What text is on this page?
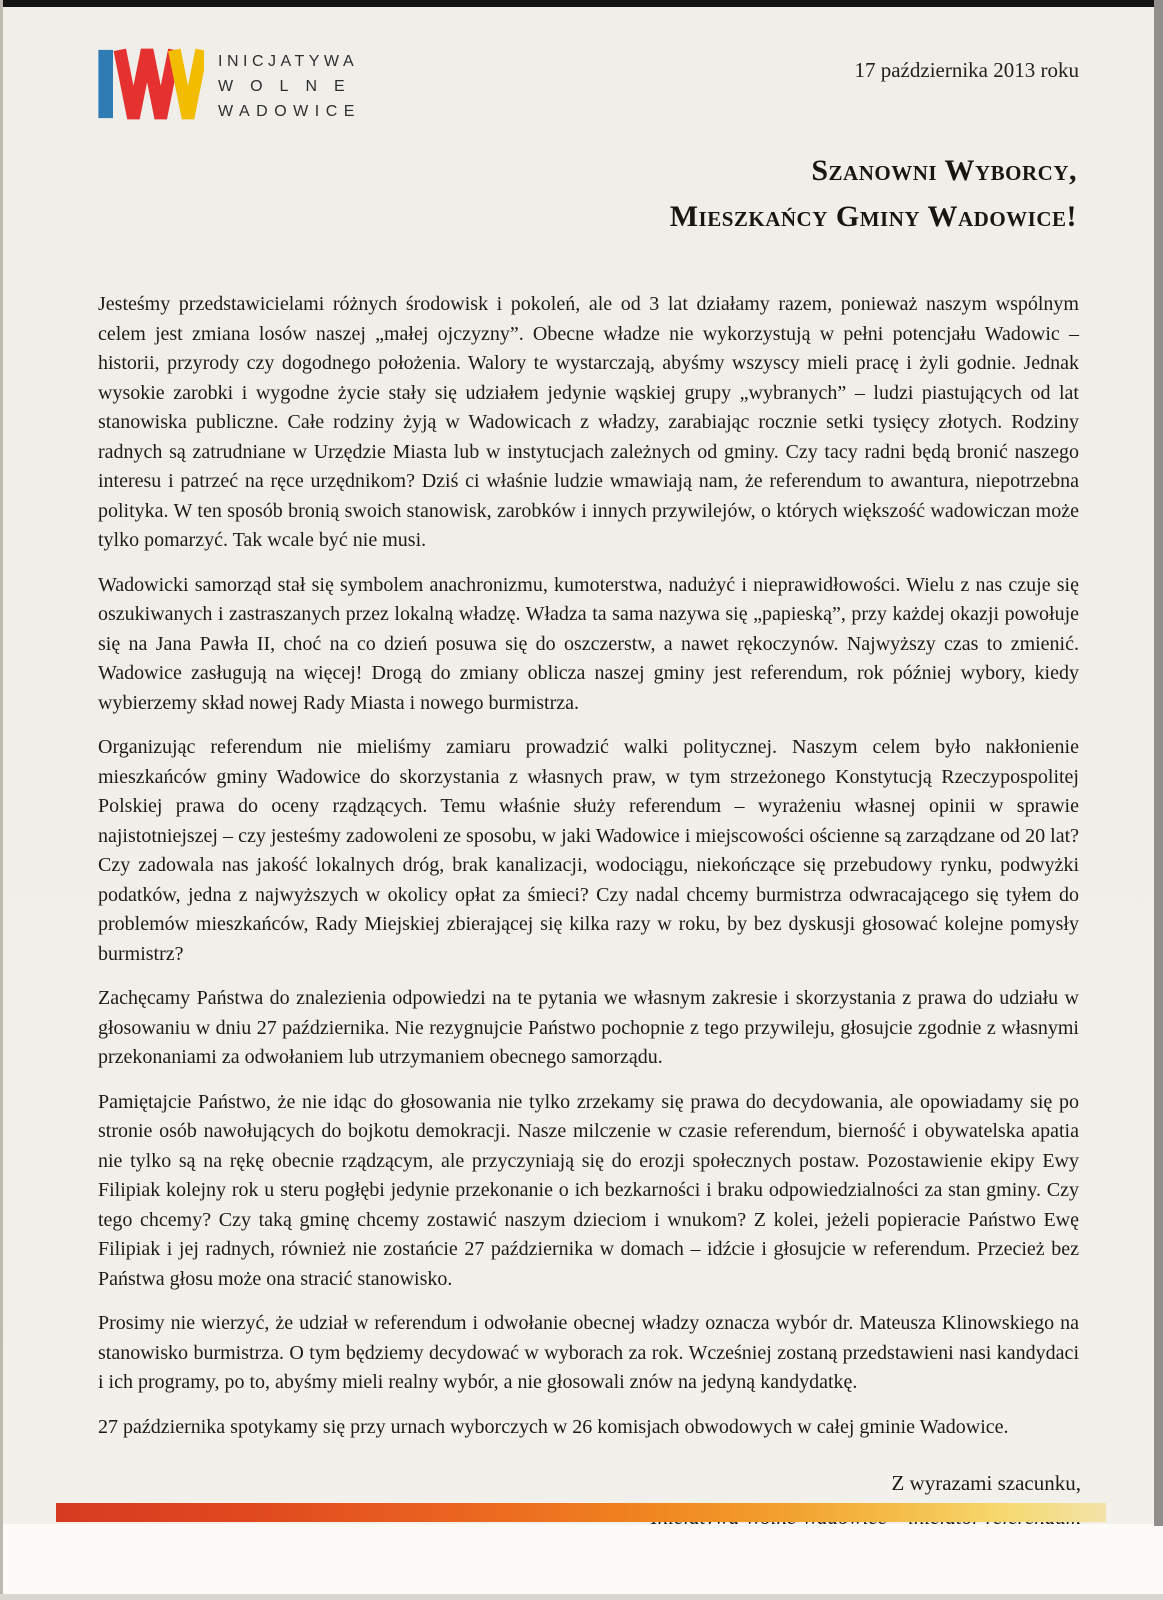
INICJATYWA
WOLNE
WADOWICE
17 października 2013 roku
Szanowni Wyborcy,
Mieszkańcy Gminy Wadowice!

Jesteśmy przedstawicielami różnych środowisk i pokoleń, ale od 3 lat działamy razem, ponieważ naszym wspólnym celem jest zmiana losów naszej „małej ojczyzny”. Obecne władze nie wykorzystują w pełni potencjału Wadowic – historii, przyrody czy dogodnego położenia. Walory te wystarczają, abyśmy wszyscy mieli pracę i żyli godnie. Jednak wysokie zarobki i wygodne życie stały się udziałem jedynie wąskiej grupy „wybranych” – ludzi piastujących od lat stanowiska publiczne. Całe rodziny żyją w Wadowicach z władzy, zarabiając rocznie setki tysięcy złotych. Rodziny radnych są zatrudniane w Urzędzie Miasta lub w instytucjach zależnych od gminy. Czy tacy radni będą bronić naszego interesu i patrzeć na ręce urzędnikom? Dziś ci właśnie ludzie wmawiają nam, że referendum to awantura, niepotrzebna polityka. W ten sposób bronią swoich stanowisk, zarobków i innych przywilejów, o których większość wadowiczan może tylko pomarzyć. Tak wcale być nie musi.

Wadowicki samorząd stał się symbolem anachronizmu, kumoterstwa, nadużyć i nieprawidłowości. Wielu z nas czuje się oszukiwanych i zastraszanych przez lokalną władzę. Władza ta sama nazywa się „papieską”, przy każdej okazji powołuje się na Jana Pawła II, choć na co dzień posuwa się do oszczerstw, a nawet rękoczynów. Najwyższy czas to zmienić. Wadowice zasługują na więcej! Drogą do zmiany oblicza naszej gminy jest referendum, rok później wybory, kiedy wybierzemy skład nowej Rady Miasta i nowego burmistrza.

Organizując referendum nie mieliśmy zamiaru prowadzić walki politycznej. Naszym celem było nakłonienie mieszkańców gminy Wadowice do skorzystania z własnych praw, w tym strzeżonego Konstytucją Rzeczypospolitej Polskiej prawa do oceny rządzących. Temu właśnie służy referendum – wyrażeniu własnej opinii w sprawie najistotniejszej – czy jesteśmy zadowoleni ze sposobu, w jaki Wadowice i miejscowości ościenne są zarządzane od 20 lat? Czy zadowala nas jakość lokalnych dróg, brak kanalizacji, wodociągu, niekończące się przebudowy rynku, podwyżki podatków, jedna z najwyższych w okolicy opłat za śmieci? Czy nadal chcemy burmistrza odwracającego się tyłem do problemów mieszkańców, Rady Miejskiej zbierającej się kilka razy w roku, by bez dyskusji głosować kolejne pomysły burmistrz?

Zachęcamy Państwa do znalezienia odpowiedzi na te pytania we własnym zakresie i skorzystania z prawa do udziału w głosowaniu w dniu 27 października. Nie rezygnujcie Państwo pochopnie z tego przywileju, głosujcie zgodnie z własnymi przekonaniami za odwołaniem lub utrzymaniem obecnego samorządu.

Pamiętajcie Państwo, że nie idąc do głosowania nie tylko zrzekamy się prawa do decydowania, ale opowiadamy się po stronie osób nawołujących do bojkotu demokracji. Nasze milczenie w czasie referendum, bierność i obywatelska apatia nie tylko są na rękę obecnie rządzącym, ale przyczyniają się do erozji społecznych postaw. Pozostawienie ekipy Ewy Filipiak kolejny rok u steru pogłębi jedynie przekonanie o ich bezkarności i braku odpowiedzialności za stan gminy. Czy tego chcemy? Czy taką gminę chcemy zostawić naszym dzieciom i wnukom? Z kolei, jeżeli popieracie Państwo Ewę Filipiak i jej radnych, również nie zostańcie 27 października w domach – idźcie i głosujcie w referendum. Przecież bez Państwa głosu może ona stracić stanowisko.

Prosimy nie wierzyć, że udział w referendum i odwołanie obecnej władzy oznacza wybór dr. Mateusza Klinowskiego na stanowisko burmistrza. O tym będziemy decydować w wyborach za rok. Wcześniej zostaną przedstawieni nasi kandydaci i ich programy, po to, abyśmy mieli realny wybór, a nie głosowali znów na jedyną kandydatkę.

27 października spotykamy się przy urnach wyborczych w 26 komisjach obwodowych w całej gminie Wadowice.

Z wyrazami szacunku,
